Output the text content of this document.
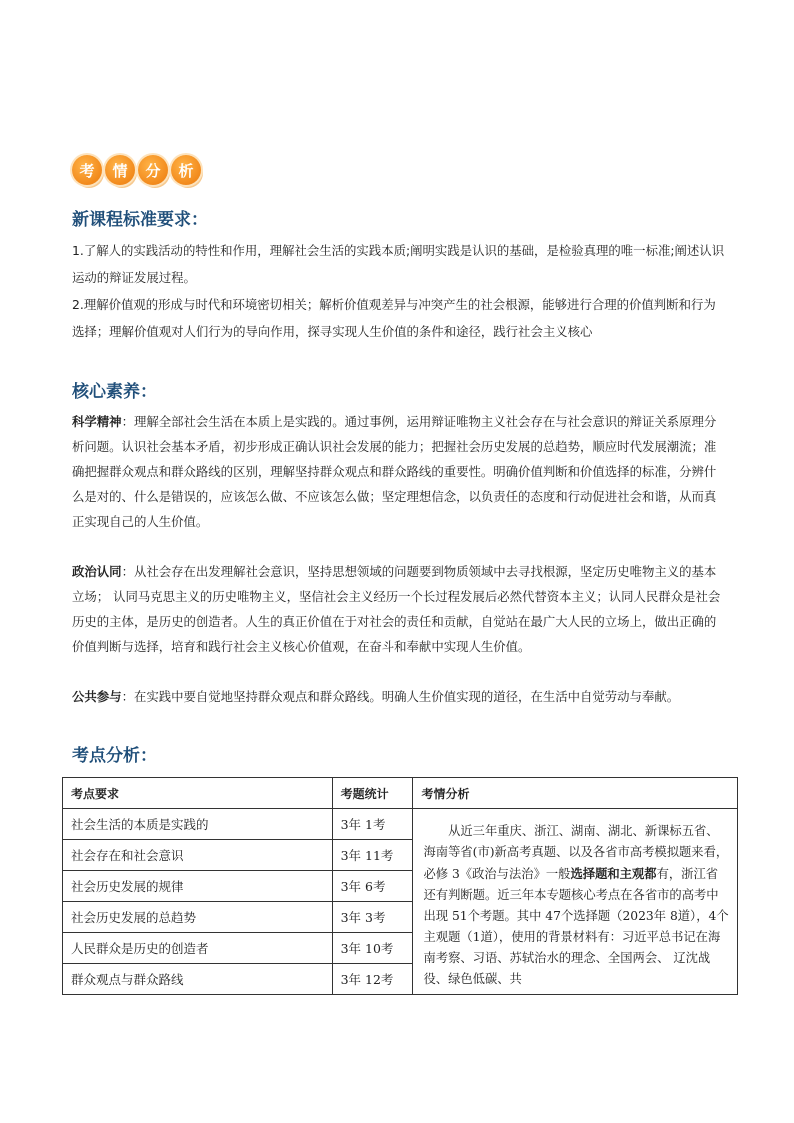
考	情	分	析
新课程标准要求：

1.了解人的实践活动的特性和作用，理解社会生活的实践本质;阐明实践是认识的基础，是检验真理的唯一标准;阐述认识运动的辩证发展过程。

2.理解价值观的形成与时代和环境密切相关；解析价值观差异与冲突产生的社会根源，能够进行合理的价值判断和行为选择；理解价值观对人们行为的导向作用，探寻实现人生价值的条件和途径，践行社会主义核心

核心素养：

科学精神：理解全部社会生活在本质上是实践的。通过事例，运用辩证唯物主义社会存在与社会意识的辩证关系原理分析问题。认识社会基本矛盾，初步形成正确认识社会发展的能力；把握社会历史发展的总趋势，顺应时代发展潮流；准确把握群众观点和群众路线的区别，理解坚持群众观点和群众路线的重要性。明确价值判断和价值选择的标准，分辨什么是对的、什么是错误的，应该怎么做、不应该怎么做；坚定理想信念，以负责任的态度和行动促进社会和谐，从而真正实现自己的人生价值。

政治认同：从社会存在出发理解社会意识，坚持思想领域的问题要到物质领域中去寻找根源，坚定历史唯物主义的基本立场； 认同马克思主义的历史唯物主义，坚信社会主义经历一个长过程发展后必然代替资本主义；认同人民群众是社会历史的主体，是历史的创造者。人生的真正价值在于对社会的责任和贡献，自觉站在最广大人民的立场上，做出正确的价值判断与选择，培育和践行社会主义核心价值观，在奋斗和奉献中实现人生价值。

公共参与：在实践中要自觉地坚持群众观点和群众路线。明确人生价值实现的道径，在生活中自觉劳动与奉献。

考点分析：
考点要求	考题统计	考情分析
社会生活的本质是实践的	3年 1考	从近三年重庆、浙江、湖南、湖北、新课标五省、海南等省(市)新高考真题、以及各省市高考模拟题来看，必修 3《政治与法治》一般选择题和主观都有，浙江省还有判断题。近三年本专题核心考点在各省市的高考中出现 51个考题。其中 47个选择题（2023年 8道），4个主观题（1道），使用的背景材料有：习近平总书记在海南考察、习语、苏轼治水的理念、全国两会、 辽沈战役、绿色低碳、共
社会存在和社会意识	3年 11考	
社会历史发展的规律	3年 6考	
社会历史发展的总趋势	3年 3考	
人民群众是历史的创造者	3年 10考	
群众观点与群众路线	3年 12考	
